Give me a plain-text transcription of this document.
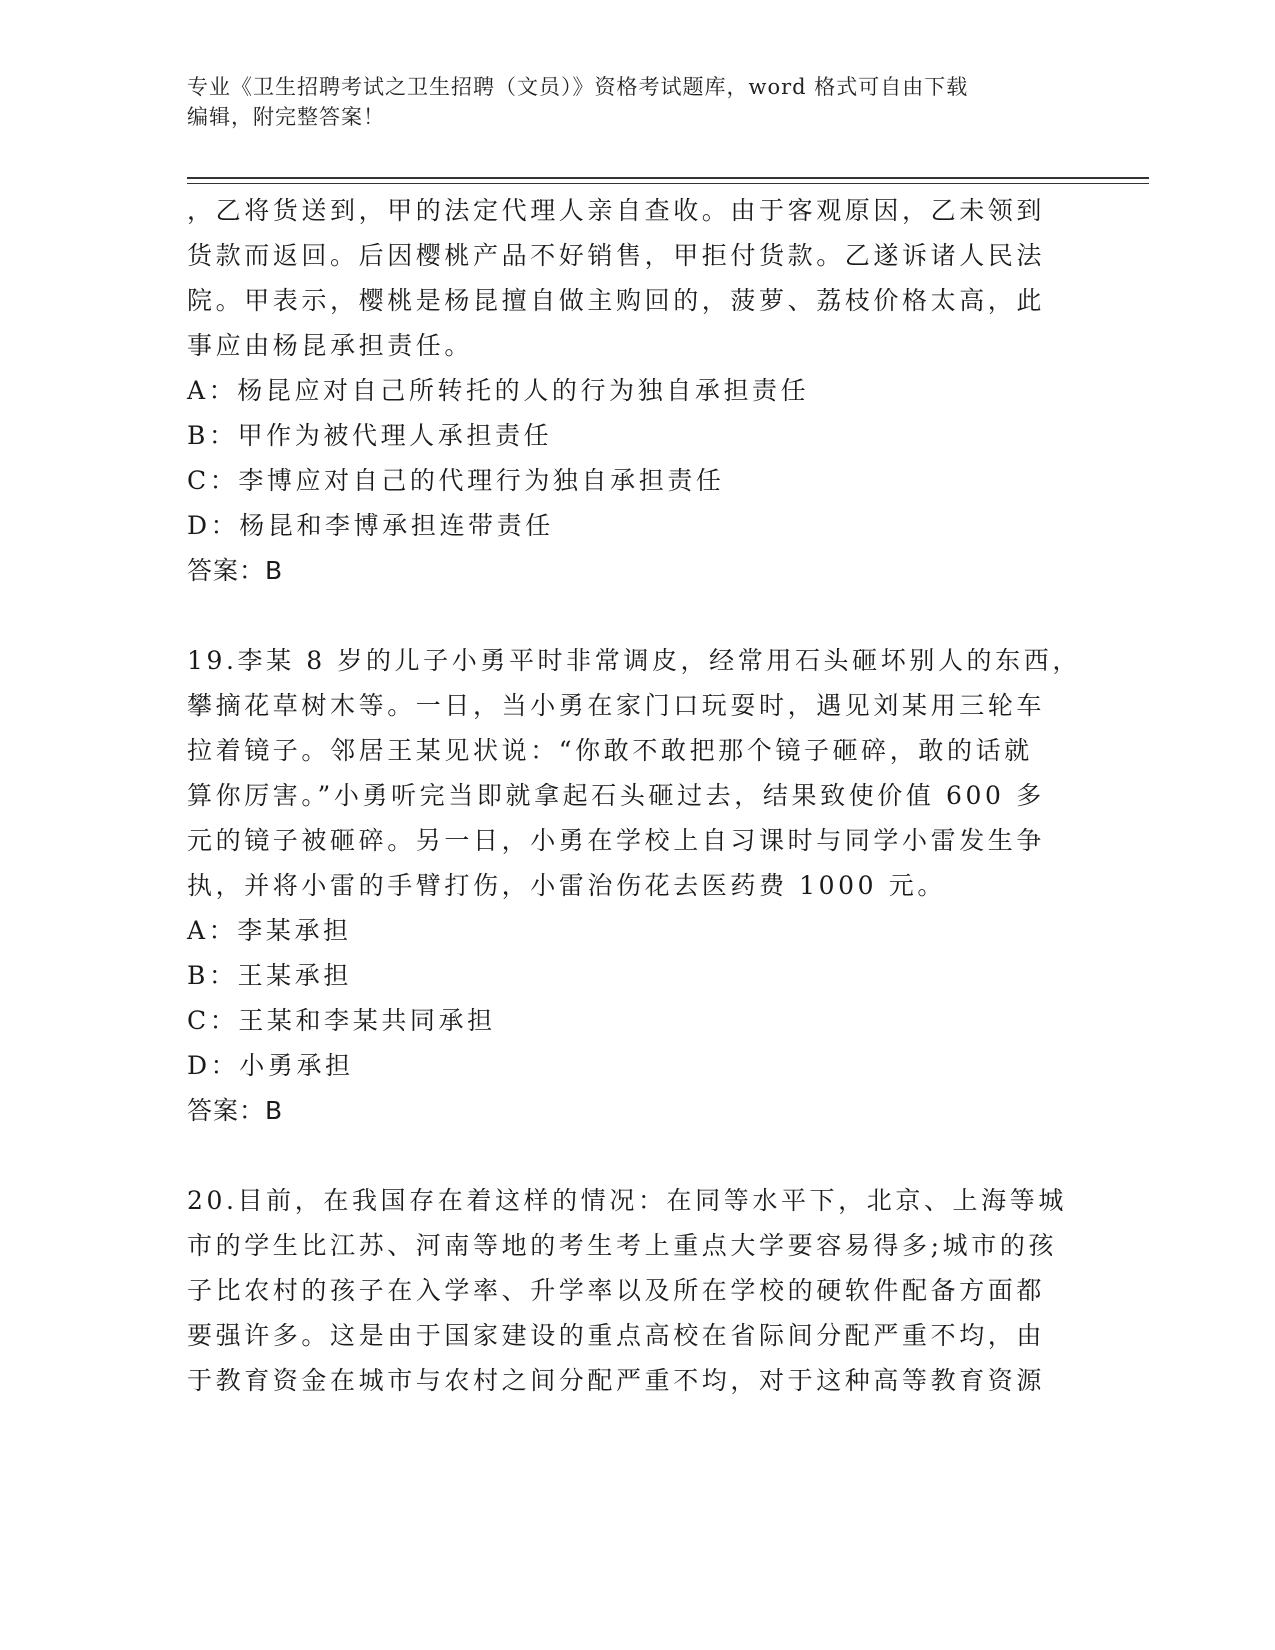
专业《卫生招聘考试之卫生招聘（文员）》资格考试题库，word 格式可自由下载
编辑，附完整答案！

，乙将货送到，甲的法定代理人亲自查收。由于客观原因，乙未领到

货款而返回。后因樱桃产品不好销售，甲拒付货款。乙遂诉诸人民法

院。甲表示，樱桃是杨昆擅自做主购回的，菠萝、荔枝价格太高，此

事应由杨昆承担责任。

A：杨昆应对自己所转托的人的行为独自承担责任

B：甲作为被代理人承担责任

C：李博应对自己的代理行为独自承担责任

D：杨昆和李博承担连带责任

答案：B

19.李某 8 岁的儿子小勇平时非常调皮，经常用石头砸坏别人的东西，

攀摘花草树木等。一日，当小勇在家门口玩耍时，遇见刘某用三轮车

拉着镜子。邻居王某见状说：“你敢不敢把那个镜子砸碎，敢的话就

算你厉害。”小勇听完当即就拿起石头砸过去，结果致使价值 600 多

元的镜子被砸碎。另一日，小勇在学校上自习课时与同学小雷发生争

执，并将小雷的手臂打伤，小雷治伤花去医药费 1000 元。

A：李某承担

B：王某承担

C：王某和李某共同承担

D：小勇承担

答案：B

20.目前，在我国存在着这样的情况：在同等水平下，北京、上海等城

市的学生比江苏、河南等地的考生考上重点大学要容易得多;城市的孩

子比农村的孩子在入学率、升学率以及所在学校的硬软件配备方面都

要强许多。这是由于国家建设的重点高校在省际间分配严重不均，由

于教育资金在城市与农村之间分配严重不均，对于这种高等教育资源
